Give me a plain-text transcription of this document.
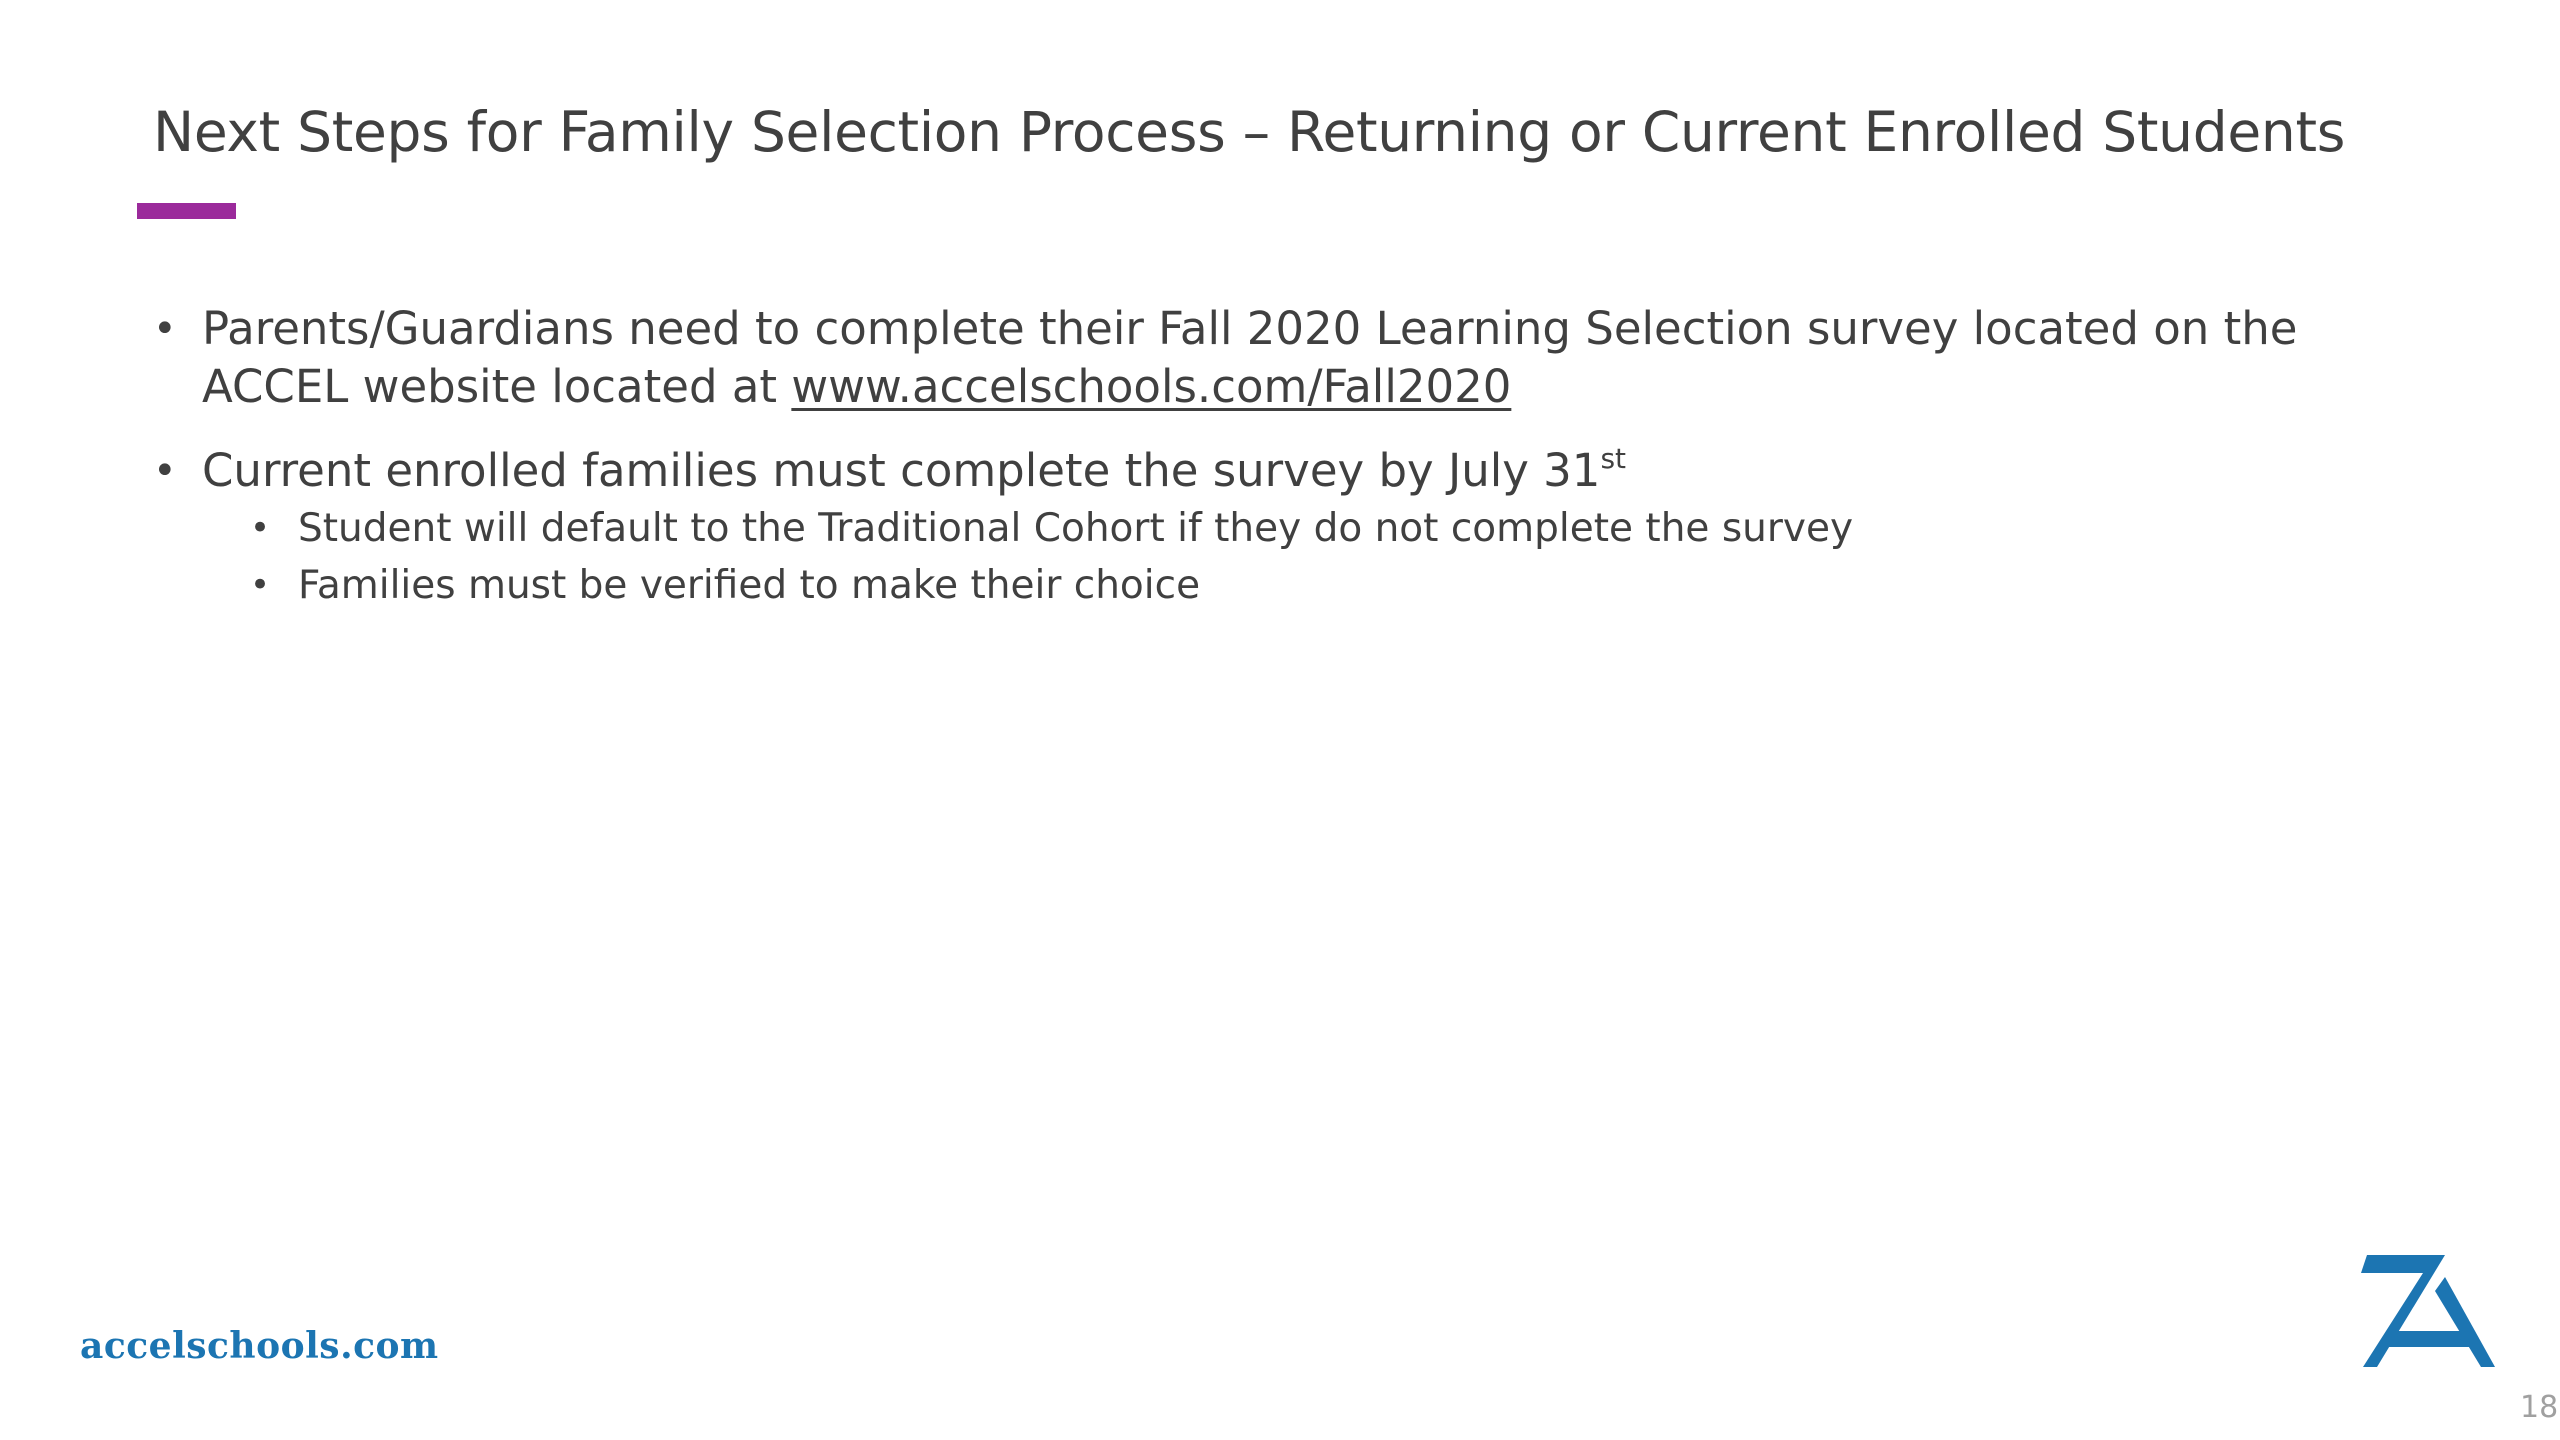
Next Steps for Family Selection Process – Returning or Current Enrolled Students
• Parents/Guardians need to complete their Fall 2020 Learning Selection survey located on the ACCEL website located at www.accelschools.com/Fall2020
• Current enrolled families must complete the survey by July 31st
• Student will default to the Traditional Cohort if they do not complete the survey
• Families must be verified to make their choice
accelschools.com
18
